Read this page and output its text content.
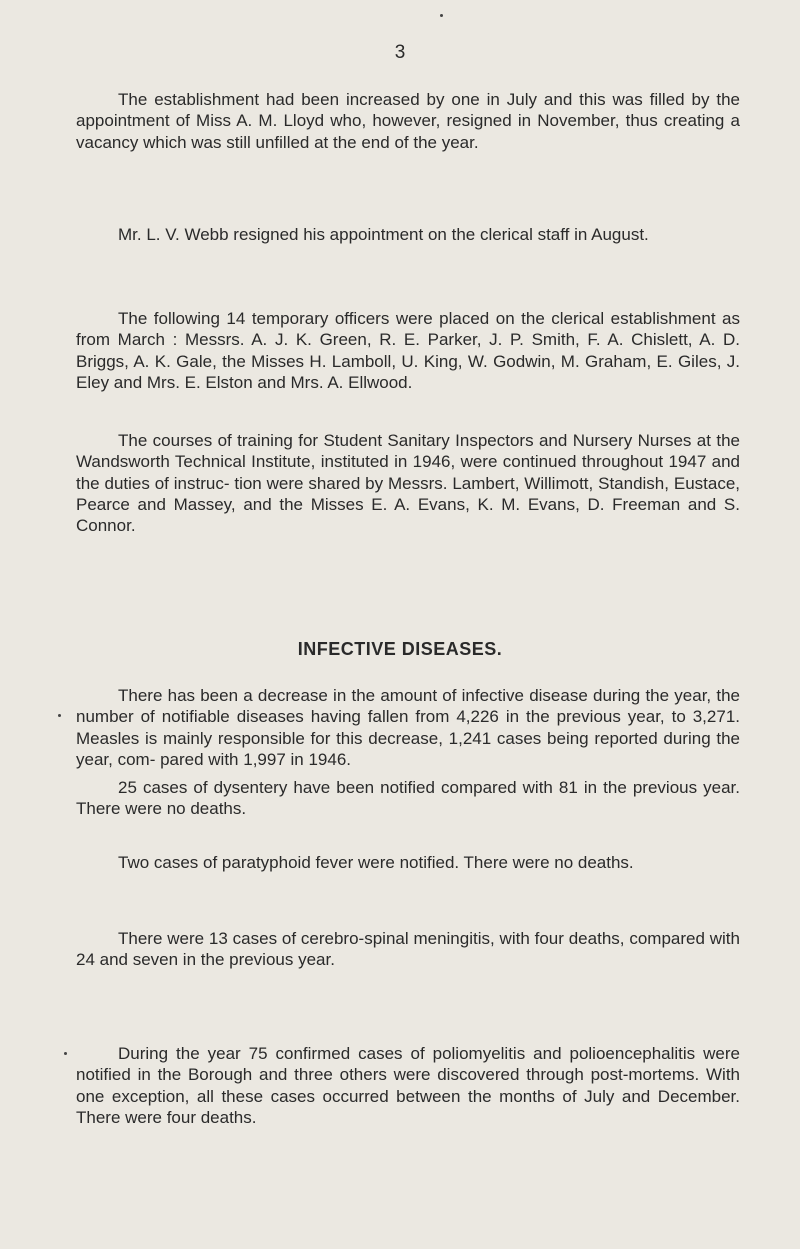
3

The establishment had been increased by one in July and this was filled by the appointment of Miss A. M. Lloyd who, however, resigned in November, thus creating a vacancy which was still unfilled at the end of the year.

Mr. L. V. Webb resigned his appointment on the clerical staff in August.

The following 14 temporary officers were placed on the clerical establishment as from March : Messrs. A. J. K. Green, R. E. Parker, J. P. Smith, F. A. Chislett, A. D. Briggs, A. K. Gale, the Misses H. Lamboll, U. King, W. Godwin, M. Graham, E. Giles, J. Eley and Mrs. E. Elston and Mrs. A. Ellwood.

The courses of training for Student Sanitary Inspectors and Nursery Nurses at the Wandsworth Technical Institute, instituted in 1946, were continued throughout 1947 and the duties of instruc- tion were shared by Messrs. Lambert, Willimott, Standish, Eustace, Pearce and Massey, and the Misses E. A. Evans, K. M. Evans, D. Freeman and S. Connor.

INFECTIVE DISEASES.

There has been a decrease in the amount of infective disease during the year, the number of notifiable diseases having fallen from 4,226 in the previous year, to 3,271. Measles is mainly responsible for this decrease, 1,241 cases being reported during the year, com- pared with 1,997 in 1946.

25 cases of dysentery have been notified compared with 81 in the previous year. There were no deaths.

Two cases of paratyphoid fever were notified. There were no deaths.

There were 13 cases of cerebro-spinal meningitis, with four deaths, compared with 24 and seven in the previous year.

During the year 75 confirmed cases of poliomyelitis and polioencephalitis were notified in the Borough and three others were discovered through post-mortems. With one exception, all these cases occurred between the months of July and December. There were four deaths.
